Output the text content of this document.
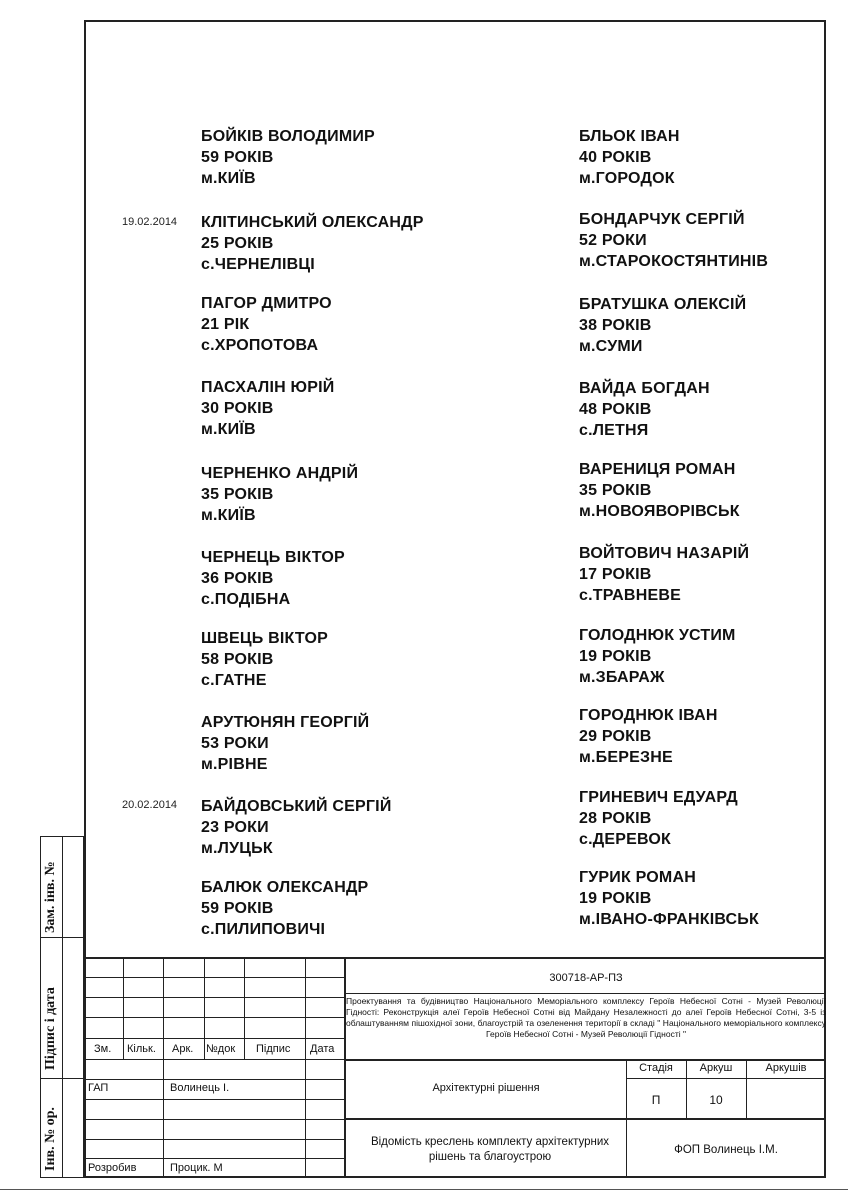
БОЙКІВ ВОЛОДИМИР
59 РОКІВ
м.КИЇВ
КЛІТИНСЬКИЙ ОЛЕКСАНДР
25 РОКІВ
с.ЧЕРНЕЛІВЦІ
ПАГОР ДМИТРО
21 РІК
с.ХРОПОТОВА
ПАСХАЛІН ЮРІЙ
30 РОКІВ
м.КИЇВ
ЧЕРНЕНКО АНДРІЙ
35 РОКІВ
м.КИЇВ
ЧЕРНЕЦЬ ВІКТОР
36 РОКІВ
с.ПОДІБНА
ШВЕЦЬ ВІКТОР
58 РОКІВ
с.ГАТНЕ
АРУТЮНЯН ГЕОРГІЙ
53 РОКИ
м.РІВНЕ
БАЙДОВСЬКИЙ СЕРГІЙ
23 РОКИ
м.ЛУЦЬК
БАЛЮК ОЛЕКСАНДР
59 РОКІВ
с.ПИЛИПОВИЧІ
БЛЬОК ІВАН
40 РОКІВ
м.ГОРОДОК
БОНДАРЧУК СЕРГІЙ
52 РОКИ
м.СТАРОКОСТЯНТИНІВ
БРАТУШКА ОЛЕКСІЙ
38 РОКІВ
м.СУМИ
ВАЙДА БОГДАН
48 РОКІВ
с.ЛЕТНЯ
ВАРЕНИЦЯ РОМАН
35 РОКІВ
м.НОВОЯВОРІВСЬК
ВОЙТОВИЧ НАЗАРІЙ
17 РОКІВ
с.ТРАВНЕВЕ
ГОЛОДНЮК УСТИМ
19 РОКІВ
м.ЗБАРАЖ
ГОРОДНЮК ІВАН
29 РОКІВ
м.БЕРЕЗНЕ
ГРИНЕВИЧ ЕДУАРД
28 РОКІВ
с.ДЕРЕВОК
ГУРИК РОМАН
19 РОКІВ
м.ІВАНО-ФРАНКІВСЬК
19.02.2014
20.02.2014
Зам. інв. №
Підпис і дата
Інв. № ор.
300718-АР-ПЗ
Проектування та будівництво Національного Меморіального комплексу Героїв Небесної Сотні - Музей Революції Гідності: Реконструкція алеї Героїв Небесної Сотні від Майдану Незалежності до алеї Героїв Небесної Сотні, 3-5 із облаштуванням пішохідної зони, благоустрій та озеленення території в складі " Національного меморіального комплексу Героїв Небесної Сотні - Музей Революції Гідності "
Зм. Кільк. Арк. №док Підпис Дата
ГАП	Волинець І.
Розробив	Процик. М
Архітектурні рішення
Стадія	Аркуш	Аркушів
П	10
Відомість креслень комплекту архітектурних рішень та благоустрою
ФОП Волинець І.М.
